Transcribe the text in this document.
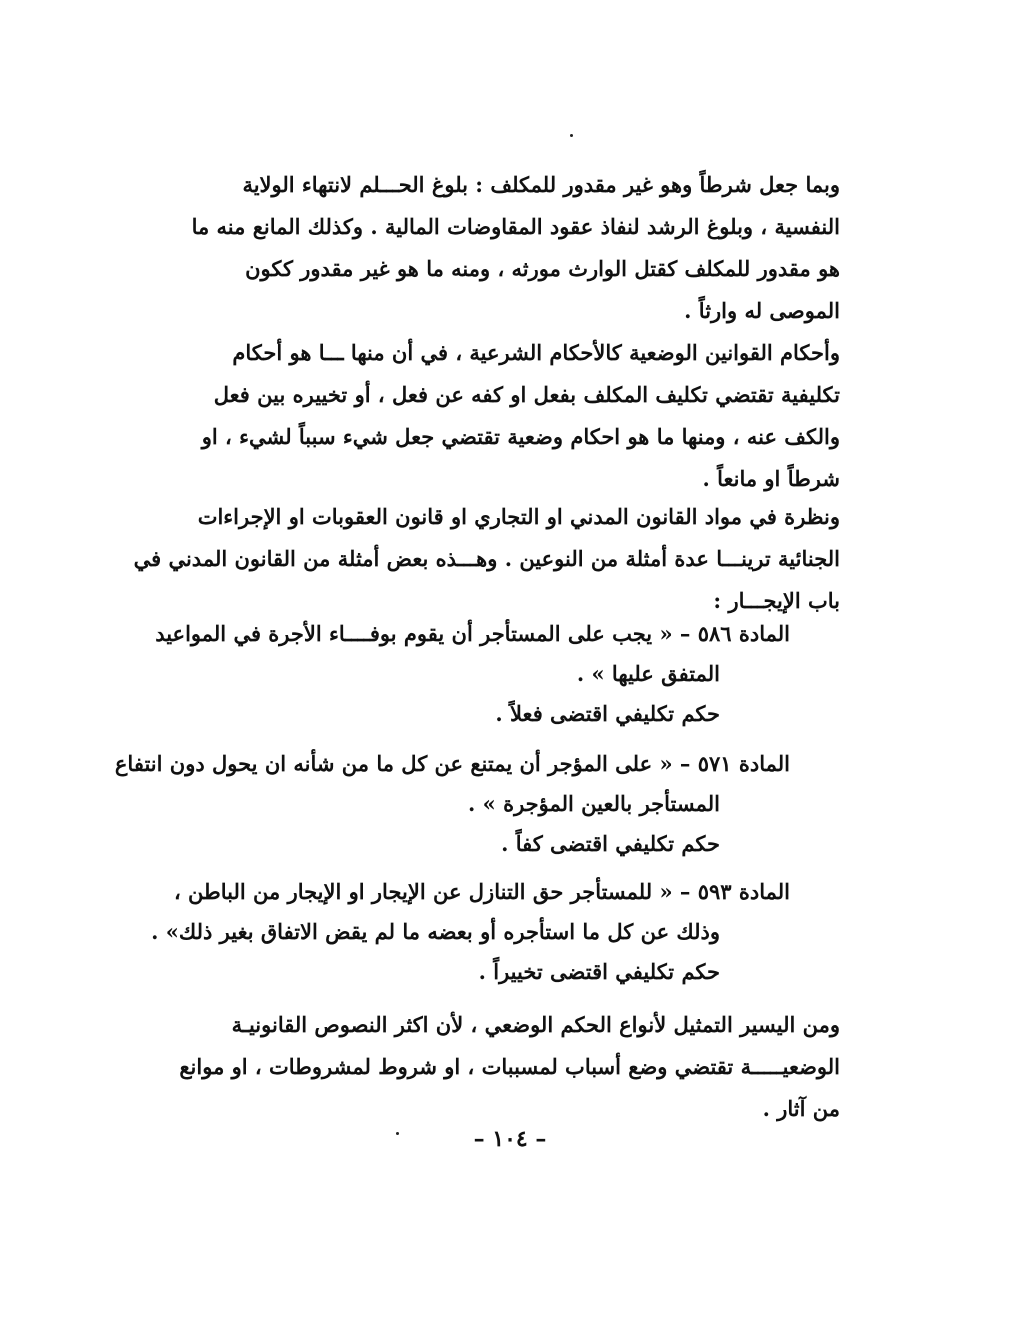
وبما جعل شرطاً وهو غير مقدور للمكلف : بلوغ الحـــلم لانتهاء الولاية
النفسية ، وبلوغ الرشد لنفاذ عقود المقاوضات المالية . وكذلك المانع منه ما
هو مقدور للمكلف كقتل الوارث مورثه ، ومنه ما هو غير مقدور ككون
الموصى له وارثاً .
وأحكام القوانين الوضعية كالأحكام الشرعية ، في أن منها ـــا هو أحكام
تكليفية تقتضي تكليف المكلف بفعل او كفه عن فعل ، أو تخييره بين فعل
والكف عنه ، ومنها ما هو احكام وضعية تقتضي جعل شيء سبباً لشيء ، او
شرطاً او مانعاً .
ونظرة في مواد القانون المدني او التجاري او قانون العقوبات او الإجراءات
الجنائية ترينـــا عدة أمثلة من النوعين . وهـــذه بعض أمثلة من القانون المدني في
باب الإيجـــار :
المادة ٥٨٦ – « يجب على المستأجر أن يقوم بوفــــاء الأجرة في المواعيد
المتفق عليها » .
حكم تكليفي اقتضى فعلاً .
المادة ٥٧١ – « على المؤجر أن يمتنع عن كل ما من شأنه ان يحول دون انتفاع
المستأجر بالعين المؤجرة » .
حكم تكليفي اقتضى كفاً .
المادة ٥٩٣ – « للمستأجر حق التنازل عن الإيجار او الإيجار من الباطن ،
وذلك عن كل ما استأجره أو بعضه ما لم يقض الاتفاق بغير ذلك» .
حكم تكليفي اقتضى تخييراً .
ومن اليسير التمثيل لأنواع الحكم الوضعي ، لأن اكثر النصوص القانونيـة
الوضعيـــــة تقتضي وضع أسباب لمسببات ، او شروط لمشروطات ، او موانع
من آثار .
– ١٠٤ –
